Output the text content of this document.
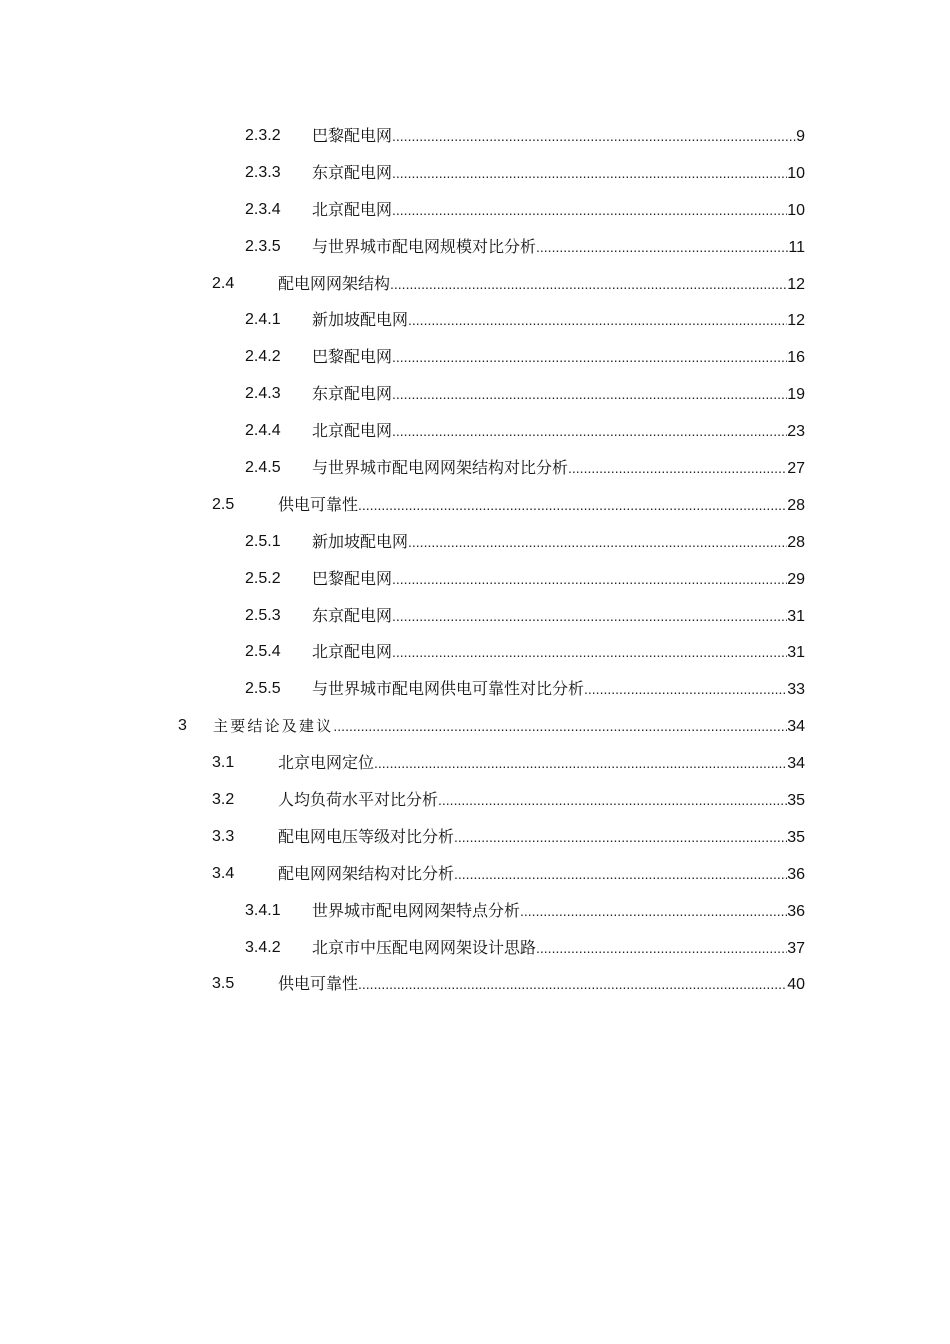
2.3.2 巴黎配电网 .....	9
2.3.3 东京配电网 .....	10
2.3.4 北京配电网 .....	10
2.3.5 与世界城市配电网规模对比分析 .....	11
2.4	配电网网架结构 .....	12
2.4.1 新加坡配电网 .....	12
2.4.2 巴黎配电网 .....	16
2.4.3 东京配电网 .....	19
2.4.4 北京配电网 .....	23
2.4.5 与世界城市配电网网架结构对比分析 .....	27
2.5	供电可靠性 .....	28
2.5.1 新加坡配电网 .....	28
2.5.2 巴黎配电网 .....	29
2.5.3 东京配电网 .....	31
2.5.4 北京配电网 .....	31
2.5.5 与世界城市配电网供电可靠性对比分析 .....	33
3 主要结论及建议 .....	34
3.1	北京电网定位 .....	34
3.2	人均负荷水平对比分析 .....	35
3.3	配电网电压等级对比分析 .....	35
3.4	配电网网架结构对比分析 .....	36
3.4.1 世界城市配电网网架特点分析 .....	36
3.4.2 北京市中压配电网网架设计思路 .....	37
3.5	供电可靠性 .....	40
